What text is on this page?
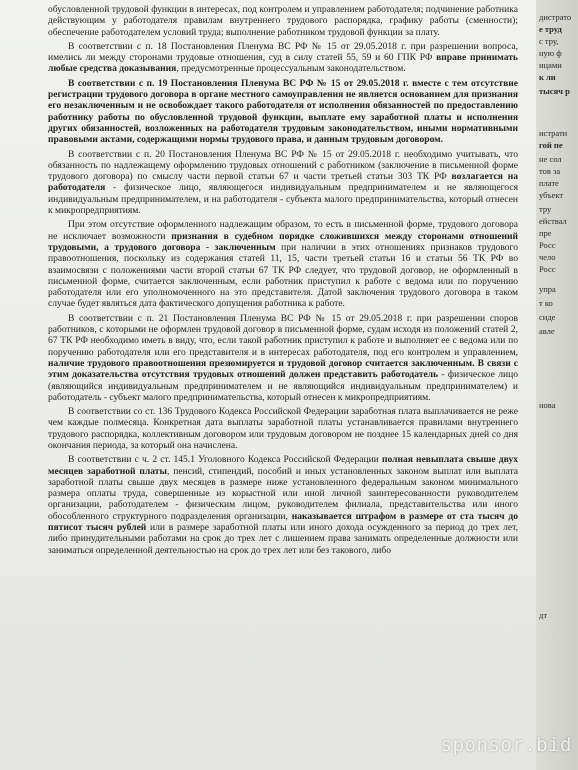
обусловленной трудовой функции в интересах, под контролем и управлением работодателя; подчинение работника действующим у работодателя правилам внутреннего трудового распорядка, графику работы (сменности); обеспечение работодателем условий труда; выполнение работником трудовой функции за плату.

В соответствии с п. 18 Постановления Пленума ВС РФ № 15 от 29.05.2018 г. при разрешении вопроса, имелись ли между сторонами трудовые отношения, суд в силу статей 55, 59 и 60 ГПК РФ вправе принимать любые средства доказывания, предусмотренные процессуальным законодательством.

В соответствии с п. 19 Постановления Пленума ВС РФ № 15 от 29.05.2018 г. вместе с тем отсутствие регистрации трудового договора в органе местного самоуправления не является основанием для признания его незаключенным и не освобождает такого работодателя от исполнения обязанностей по предоставлению работнику работы по обусловленной трудовой функции, выплате ему заработной платы и исполнения других обязанностей, возложенных на работодателя трудовым законодательством, иными нормативными правовыми актами, содержащими нормы трудового права, и данным трудовым договором.

В соответствии с п. 20 Постановления Пленума ВС РФ № 15 от 29.05.2018 г. необходимо учитывать, что обязанность по надлежащему оформлению трудовых отношений с работником (заключение в письменной форме трудового договора) по смыслу части первой статьи 67 и части третьей статьи 303 ТК РФ возлагается на работодателя - физическое лицо, являющегося индивидуальным предпринимателем и не являющегося индивидуальным предпринимателем, и на работодателя - субъекта малого предпринимательства, который отнесен к микропредприятиям.

При этом отсутствие оформленного надлежащим образом, то есть в письменной форме, трудового договора не исключает возможности признания в судебном порядке сложившихся между сторонами отношений трудовыми, а трудового договора - заключенным при наличии в этих отношениях признаков трудового правоотношения, поскольку из содержания статей 11, 15, части третьей статьи 16 и статьи 56 ТК РФ во взаимосвязи с положениями части второй статьи 67 ТК РФ следует, что трудовой договор, не оформленный в письменной форме, считается заключенным, если работник приступил к работе с ведома или по поручению работодателя или его уполномоченного на это представителя. Датой заключения трудового договора в таком случае будет являться дата фактического допущения работника к работе.

В соответствии с п. 21 Постановления Пленума ВС РФ № 15 от 29.05.2018 г. при разрешении споров работников, с которыми не оформлен трудовой договор в письменной форме, судам исходя из положений статей 2, 67 ТК РФ необходимо иметь в виду, что, если такой работник приступил к работе и выполняет ее с ведома или по поручению работодателя или его представителя и в интересах работодателя, под его контролем и управлением, наличие трудового правоотношения презюмируется и трудовой договор считается заключенным. В связи с этим доказательства отсутствия трудовых отношений должен представить работодатель - физическое лицо (являющийся индивидуальным предпринимателем и не являющийся индивидуальным предпринимателем) и работодатель - субъект малого предпринимательства, который отнесен к микропредприятиям.

В соответствии со ст. 136 Трудового Кодекса Российской Федерации заработная плата выплачивается не реже чем каждые полмесяца. Конкретная дата выплаты заработной платы устанавливается правилами внутреннего трудового распорядка, коллективным договором или трудовым договором не позднее 15 календарных дней со дня окончания периода, за который она начислена.

В соответствии с ч. 2 ст. 145.1 Уголовного Кодекса Российской Федерации полная невыплата свыше двух месяцев заработной платы, пенсий, стипендий, пособий и иных установленных законом выплат или выплата заработной платы свыше двух месяцев в размере ниже установленного федеральным законом минимального размера оплаты труда, совершенные из корыстной или иной личной заинтересованности руководителем организации, работодателем - физическим лицом, руководителем филиала, представительства или иного обособленного структурного подразделения организации, наказывается штрафом в размере от ста тысяч до пятисот тысяч рублей или в размере заработной платы или иного дохода осужденного за период до трех лет, либо принудительными работами на срок до трех лет с лишением права занимать определенные должности или заниматься определенной деятельностью на срок до трех лет или без такового, либо

дистрато
е труд
с тру,
ную ф
ицами
к ли
тысяч р
истрати
гой пе
не сол
тов за
плате
убъект
тру
ействал
пре
Росс
чело
Росс
упра
т ко
сиде
авле
нова
дт
sponsor.bid
